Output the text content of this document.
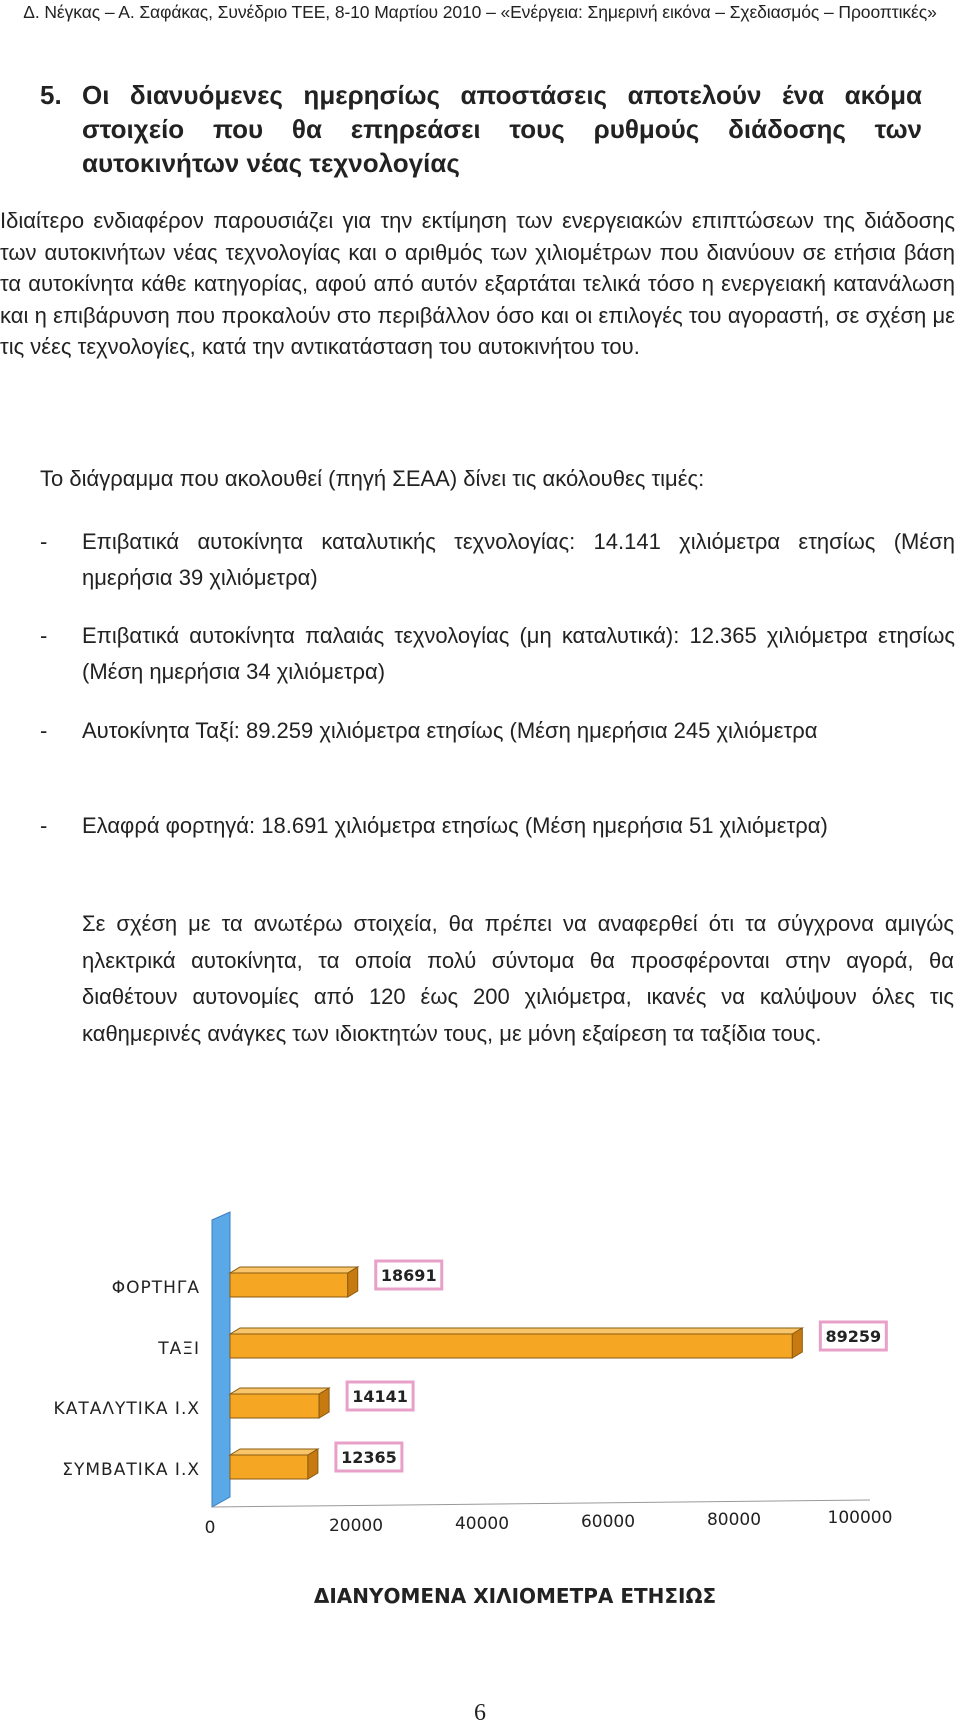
Δ. Νέγκας – Α. Σαφάκας, Συνέδριο ΤΕΕ, 8-10 Μαρτίου 2010 – «Ενέργεια: Σημερινή εικόνα – Σχεδιασμός – Προοπτικές»
5. Οι διανυόμενες ημερησίως αποστάσεις αποτελούν ένα ακόμα στοιχείο που θα επηρεάσει τους ρυθμούς διάδοσης των αυτοκινήτων νέας τεχνολογίας
Ιδιαίτερο ενδιαφέρον παρουσιάζει για την εκτίμηση των ενεργειακών επιπτώσεων της διάδοσης των αυτοκινήτων νέας τεχνολογίας και ο αριθμός των χιλιομέτρων που διανύουν σε ετήσια βάση τα αυτοκίνητα κάθε κατηγορίας, αφού από αυτόν εξαρτάται τελικά τόσο η ενεργειακή κατανάλωση και η επιβάρυνση που προκαλούν στο περιβάλλον όσο και οι επιλογές του αγοραστή, σε σχέση με τις νέες τεχνολογίες, κατά την αντικατάσταση του αυτοκινήτου του.
Το διάγραμμα που ακολουθεί (πηγή ΣΕΑΑ) δίνει τις ακόλουθες τιμές:
- Επιβατικά αυτοκίνητα καταλυτικής τεχνολογίας: 14.141 χιλιόμετρα ετησίως (Μέση ημερήσια 39 χιλιόμετρα)
- Επιβατικά αυτοκίνητα παλαιάς τεχνολογίας (μη καταλυτικά): 12.365 χιλιόμετρα ετησίως (Μέση ημερήσια 34 χιλιόμετρα)
- Αυτοκίνητα Ταξί: 89.259 χιλιόμετρα ετησίως (Μέση ημερήσια 245 χιλιόμετρα
- Ελαφρά φορτηγά: 18.691 χιλιόμετρα ετησίως (Μέση ημερήσια 51 χιλιόμετρα)
Σε σχέση με τα ανωτέρω στοιχεία, θα πρέπει να αναφερθεί ότι τα σύγχρονα αμιγώς ηλεκτρικά αυτοκίνητα, τα οποία πολύ σύντομα θα προσφέρονται στην αγορά, θα διαθέτουν αυτονομίες από 120 έως 200 χιλιόμετρα, ικανές να καλύψουν όλες τις καθημερινές ανάγκες των ιδιοκτητών τους, με μόνη εξαίρεση τα ταξίδια τους.
ΦΟΡΤΗΓΑ
18691
ΤΑΞΙ
89259
ΚΑΤΑΛΥΤΙΚΑ Ι.Χ
14141
ΣΥΜΒΑΤΙΚΑ Ι.Χ
12365
0	20000	40000	60000	80000	100000
ΔΙΑΝΥΟΜΕΝΑ ΧΙΛΙΟΜΕΤΡΑ ΕΤΗΣΙΩΣ
6
